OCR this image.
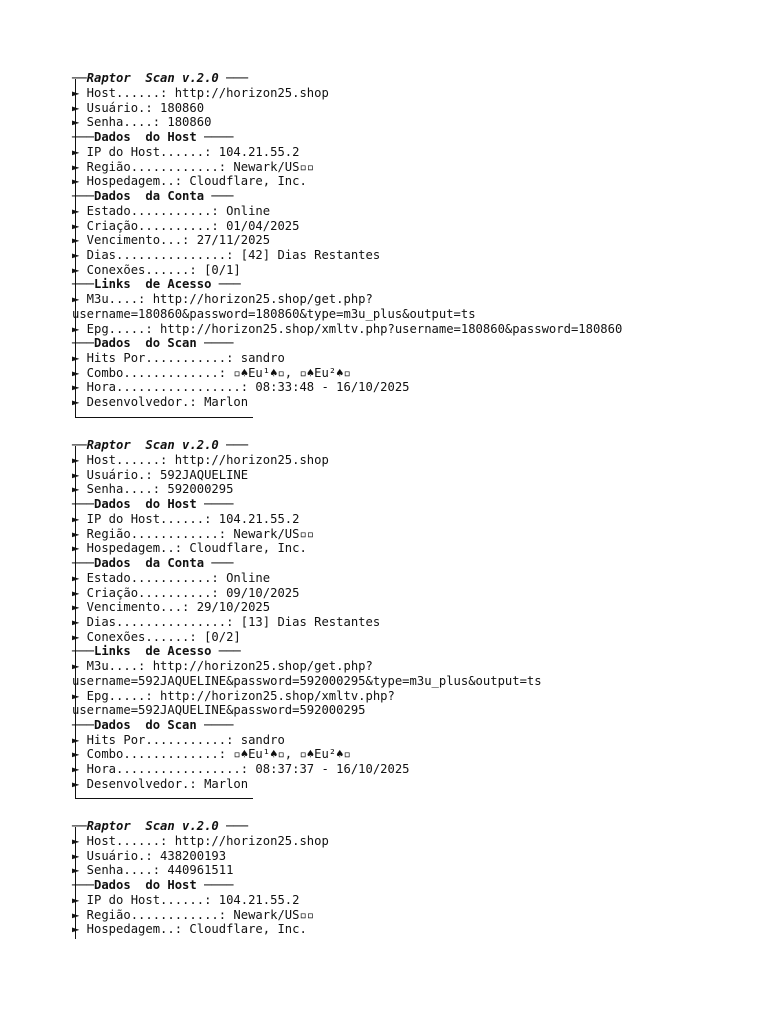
──Raptor  Scan v.2.0 ───
► Host......: http://horizon25.shop
► Usuário.: 180860
► Senha....: 180860
───Dados  do Host ────
► IP do Host......: 104.21.55.2
► Região............: Newark/US▫▫
► Hospedagem..: Cloudflare, Inc.
───Dados  da Conta ───
► Estado...........: Online
► Criação..........: 01/04/2025
► Vencimento...: 27/11/2025
► Dias...............: [42] Dias Restantes
► Conexões......: [0/1]
───Links  de Acesso ───
► M3u....: http://horizon25.shop/get.php?
username=180860&password=180860&type=m3u_plus&output=ts
► Epg.....: http://horizon25.shop/xmltv.php?username=180860&password=180860
───Dados  do Scan ────
► Hits Por...........: sandro
► Combo.............: ▫♠Eu¹♠▫, ▫♠Eu²♠▫
► Hora.................: 08:33:48 - 16/10/2025
► Desenvolvedor.: Marlon
──Raptor  Scan v.2.0 ───
► Host......: http://horizon25.shop
► Usuário.: 592JAQUELINE
► Senha....: 592000295
───Dados  do Host ────
► IP do Host......: 104.21.55.2
► Região............: Newark/US▫▫
► Hospedagem..: Cloudflare, Inc.
───Dados  da Conta ───
► Estado...........: Online
► Criação..........: 09/10/2025
► Vencimento...: 29/10/2025
► Dias...............: [13] Dias Restantes
► Conexões......: [0/2]
───Links  de Acesso ───
► M3u....: http://horizon25.shop/get.php?
username=592JAQUELINE&password=592000295&type=m3u_plus&output=ts
► Epg.....: http://horizon25.shop/xmltv.php?
username=592JAQUELINE&password=592000295
───Dados  do Scan ────
► Hits Por...........: sandro
► Combo.............: ▫♠Eu¹♠▫, ▫♠Eu²♠▫
► Hora.................: 08:37:37 - 16/10/2025
► Desenvolvedor.: Marlon
──Raptor  Scan v.2.0 ───
► Host......: http://horizon25.shop
► Usuário.: 438200193
► Senha....: 440961511
───Dados  do Host ────
► IP do Host......: 104.21.55.2
► Região............: Newark/US▫▫
► Hospedagem..: Cloudflare, Inc.
